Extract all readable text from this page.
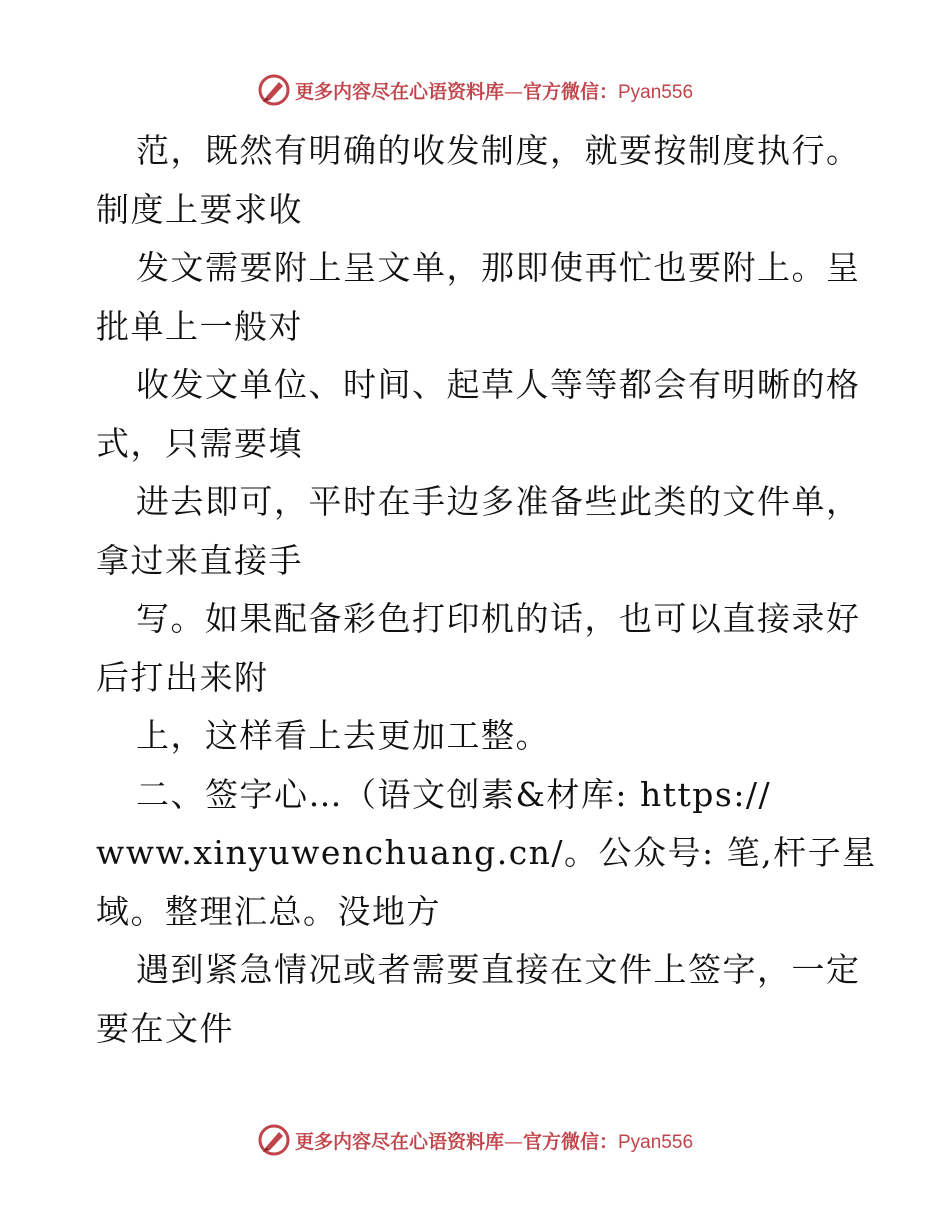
更多内容尽在心语资料库—官方微信：Pyan556
范，既然有明确的收发制度，就要按制度执行。
制度上要求收
发文需要附上呈文单，那即使再忙也要附上。呈
批单上一般对
收发文单位、时间、起草人等等都会有明晰的格
式，只需要填
进去即可，平时在手边多准备些此类的文件单，
拿过来直接手
写。如果配备彩色打印机的话，也可以直接录好
后打出来附
上，这样看上去更加工整。
二、签字心…（语文创素&材库: https://
www.xinyuwenchuang.cn/。公众号: 笔,杆子星
域。整理汇总。没地方
遇到紧急情况或者需要直接在文件上签字，一定
要在文件
更多内容尽在心语资料库—官方微信：Pyan556
